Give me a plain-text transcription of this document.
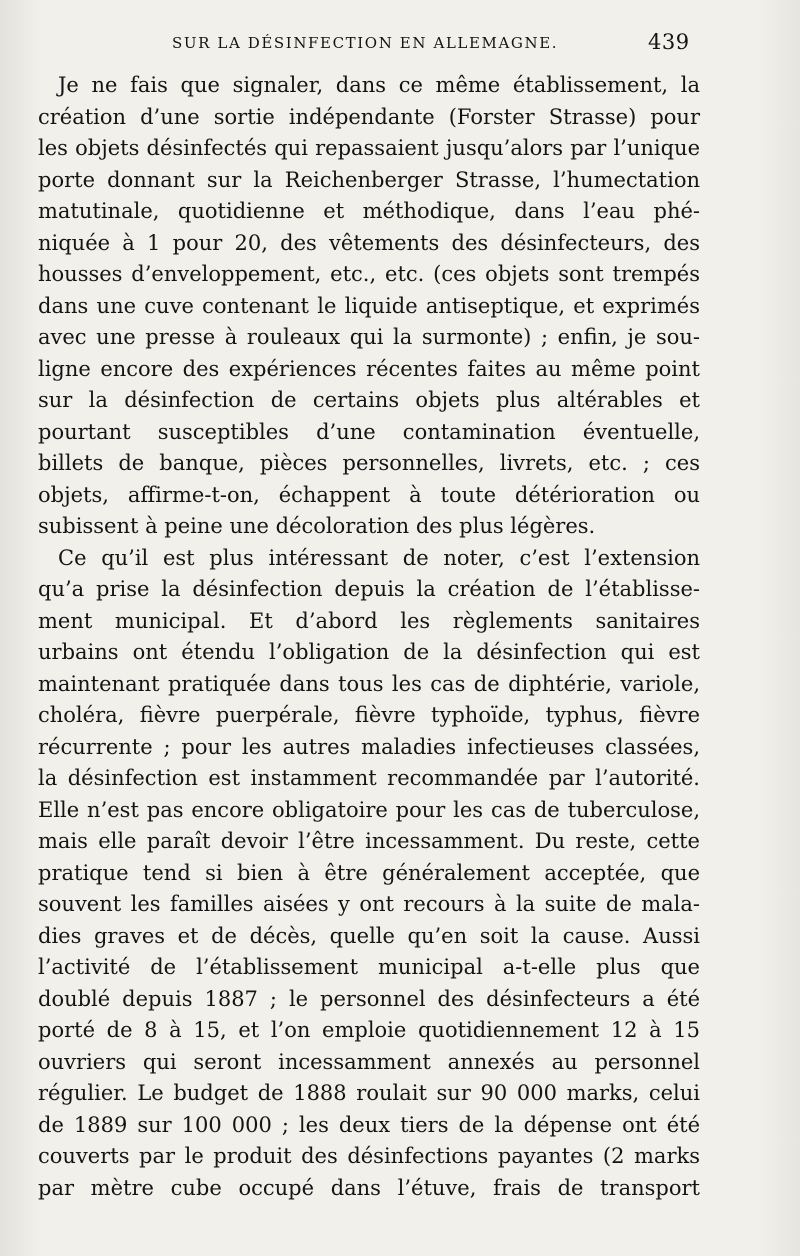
SUR LA DÉSINFECTION EN ALLEMAGNE.	439
Je ne fais que signaler, dans ce même établissement, la
création d’une sortie indépendante (Forster Strasse) pour
les objets désinfectés qui repassaient jusqu’alors par l’unique
porte donnant sur la Reichenberger Strasse, l’humectation
matutinale, quotidienne et méthodique, dans l’eau phé-
niquée à 1 pour 20, des vêtements des désinfecteurs, des
housses d’enveloppement, etc., etc. (ces objets sont trempés
dans une cuve contenant le liquide antiseptique, et exprimés
avec une presse à rouleaux qui la surmonte) ; enfin, je sou-
ligne encore des expériences récentes faites au même point
sur la désinfection de certains objets plus altérables et
pourtant susceptibles d’une contamination éventuelle,
billets de banque, pièces personnelles, livrets, etc. ; ces
objets, affirme-t-on, échappent à toute détérioration ou
subissent à peine une décoloration des plus légères.
Ce qu’il est plus intéressant de noter, c’est l’extension
qu’a prise la désinfection depuis la création de l’établisse-
ment municipal. Et d’abord les règlements sanitaires
urbains ont étendu l’obligation de la désinfection qui est
maintenant pratiquée dans tous les cas de diphtérie, variole,
choléra, fièvre puerpérale, fièvre typhoïde, typhus, fièvre
récurrente ; pour les autres maladies infectieuses classées,
la désinfection est instamment recommandée par l’autorité.
Elle n’est pas encore obligatoire pour les cas de tuberculose,
mais elle paraît devoir l’être incessamment. Du reste, cette
pratique tend si bien à être généralement acceptée, que
souvent les familles aisées y ont recours à la suite de mala-
dies graves et de décès, quelle qu’en soit la cause. Aussi
l’activité de l’établissement municipal a-t-elle plus que
doublé depuis 1887 ; le personnel des désinfecteurs a été
porté de 8 à 15, et l’on emploie quotidiennement 12 à 15
ouvriers qui seront incessamment annexés au personnel
régulier. Le budget de 1888 roulait sur 90 000 marks, celui
de 1889 sur 100 000 ; les deux tiers de la dépense ont été
couverts par le produit des désinfections payantes (2 marks
par mètre cube occupé dans l’étuve, frais de transport
